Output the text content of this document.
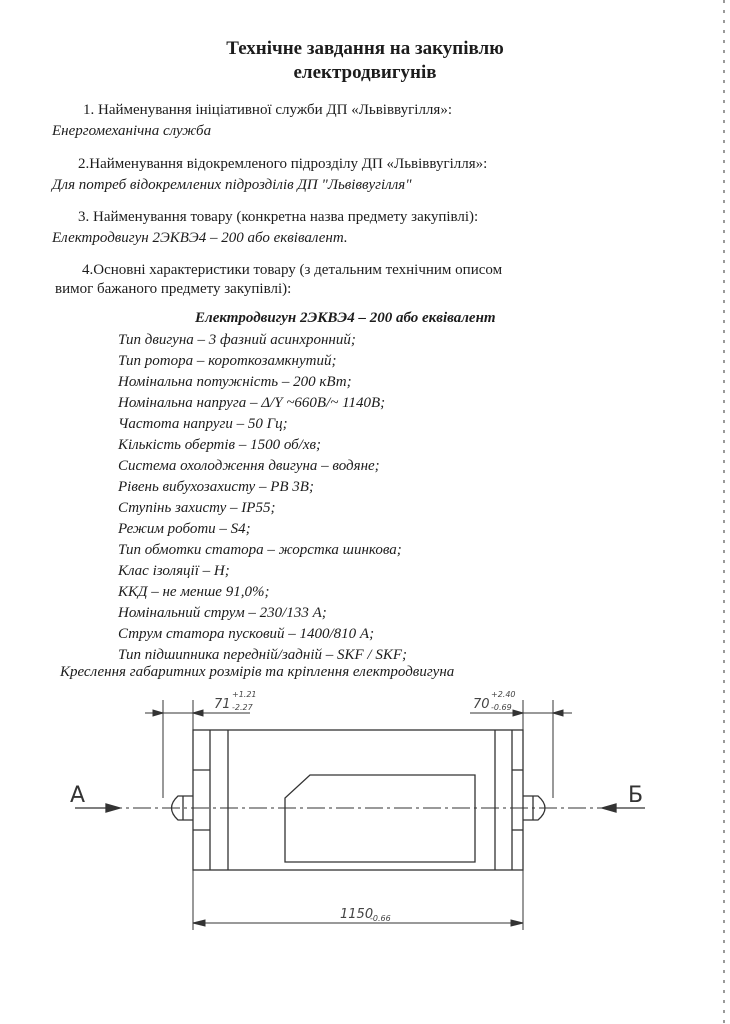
Технічне завдання на закупівлю
електродвигунів
1. Найменування ініціативної служби ДП «Львіввугілля»:
Енергомеханічна служба
2.Найменування відокремленого підрозділу ДП «Львіввугілля»:
Для потреб відокремлених підрозділів ДП "Львіввугілля"
3. Найменування товару (конкретна назва предмету закупівлі):
Електродвигун 2ЭКВЭ4 – 200 або еквівалент.
4.Основні характеристики товару (з детальним технічним описом
вимог бажаного предмету закупівлі):
Електродвигун 2ЭКВЭ4 – 200 або еквівалент
Тип двигуна – 3 фазний асинхронний;
Тип ротора – короткозамкнутий;
Номінальна потужність – 200 кВт;
Номінальна напруга – Δ/Y ~660В/~ 1140В;
Частота напруги – 50 Гц;
Кількість обертів – 1500 об/хв;
Система охолодження двигуна – водяне;
Рівень вибухозахисту – РВ 3В;
Ступінь захисту – IP55;
Режим роботи – S4;
Тип обмотки статора – жорстка шинкова;
Клас ізоляції – Н;
ККД – не менше 91,0%;
Номінальний струм – 230/133 А;
Струм статора пусковий – 1400/810 А;
Тип підшипника передній/задній – SKF / SKF;
Креслення габаритних розмірів та кріплення електродвигуна
А	Б
71
+1.21
-2.27	70
+2.40
-0.69
1150
-0.66
